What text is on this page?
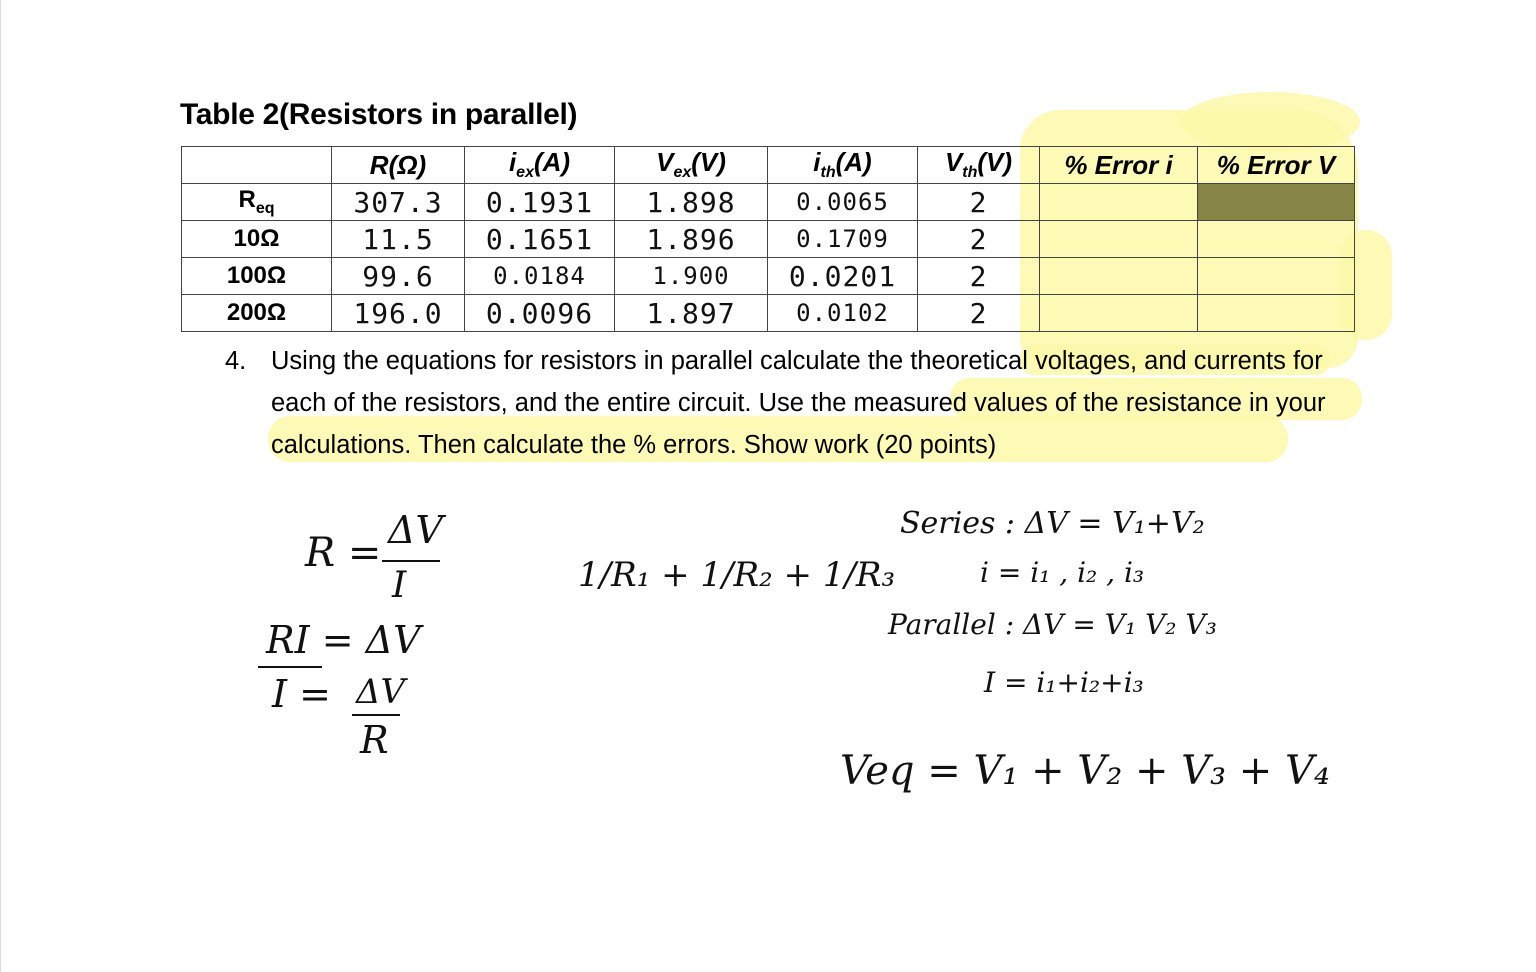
Table 2(Resistors in parallel)
	R(Ω)	$i_{ex}(A)$	$V_{ex}(V)$	$i_{th}(A)$	$V_{th}(V)$	% Error i	% Error V
$R_{eq}$	307.3	0.1931	1.898	0.0065	2		
10Ω	11.5	0.1651	1.896	0.1709	2		
100Ω	99.6	0.0184	1.900	0.0201	2		
200Ω	196.0	0.0096	1.897	0.0102	2		
4. Using the equations for resistors in parallel calculate the theoretical voltages, and currents for each of the resistors, and the entire circuit. Use the measured values of the resistance in your calculations. Then calculate the % errors. Show work (20 points)
R = ΔV
I
RI = ΔV
I = ΔV
R
1/R₁ + 1/R₂ + 1/R₃
Series : ΔV = V₁+V₂
i = i₁ , i₂ , i₃
Parallel : ΔV = V₁ V₂ V₃
I = i₁+i₂+i₃
Veq = V₁ + V₂ + V₃ + V₄
